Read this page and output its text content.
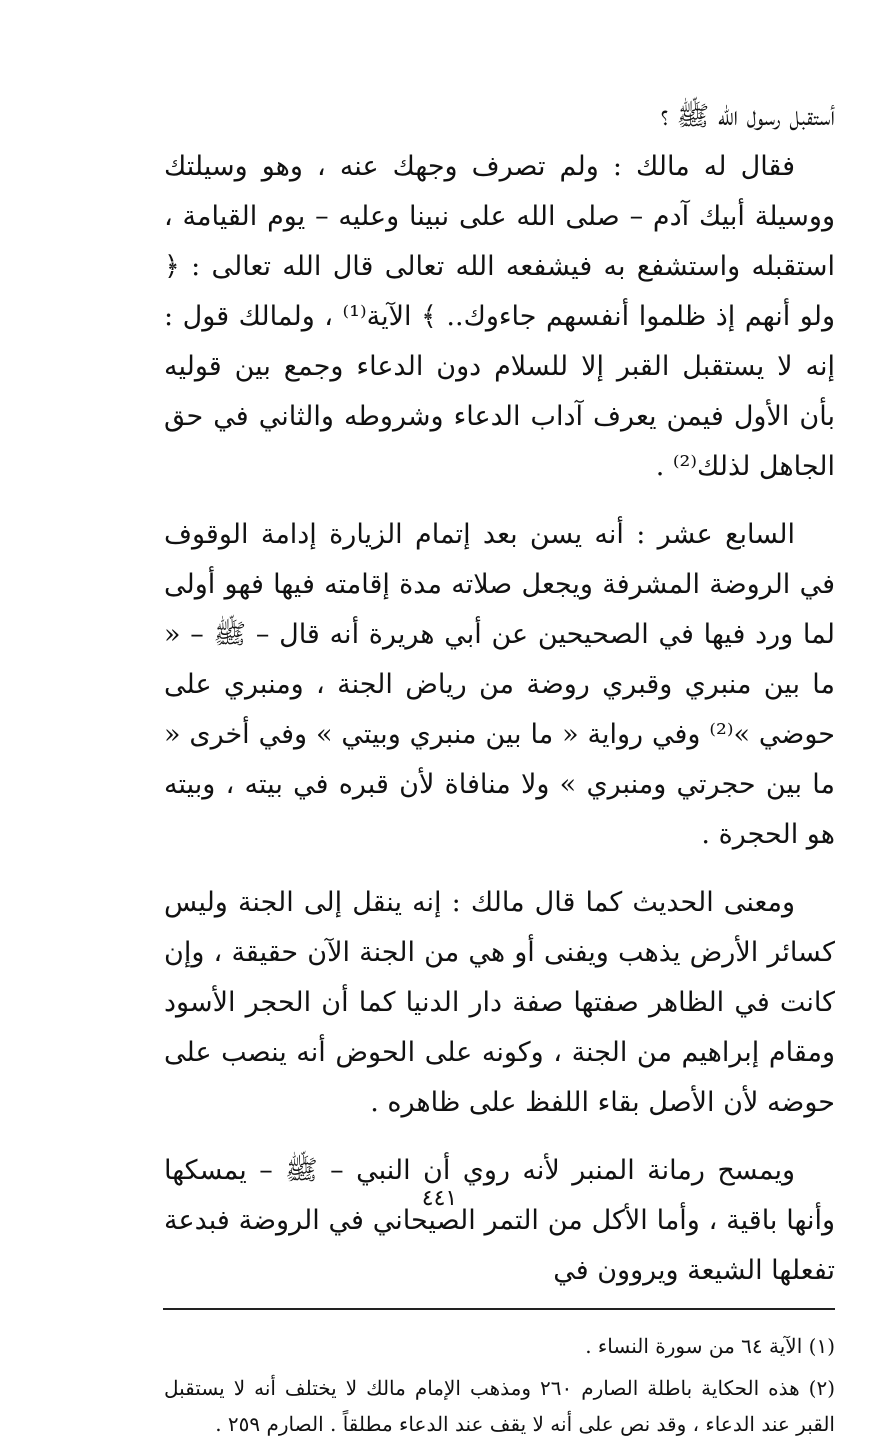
أستقبل رسول الله ﷺ ؟

فقال له مالك : ولم تصرف وجهك عنه ، وهو وسيلتك ووسيلة أبيك آدم – صلى الله على نبينا وعليه – يوم القيامة ، استقبله واستشفع به فيشفعه الله تعالى قال الله تعالى : ﴿ ولو أنهم إذ ظلموا أنفسهم جاءوك.. ﴾ الآية⁽¹⁾ ، ولمالك قول : إنه لا يستقبل القبر إلا للسلام دون الدعاء وجمع بين قوليه بأن الأول فيمن يعرف آداب الدعاء وشروطه والثاني في حق الجاهل لذلك⁽²⁾ .

السابع عشر : أنه يسن بعد إتمام الزيارة إدامة الوقوف في الروضة المشرفة ويجعل صلاته مدة إقامته فيها فهو أولى لما ورد فيها في الصحيحين عن أبي هريرة أنه قال – ﷺ – « ما بين منبري وقبري روضة من رياض الجنة ، ومنبري على حوضي »⁽²⁾ وفي رواية « ما بين منبري وبيتي » وفي أخرى « ما بين حجرتي ومنبري » ولا منافاة لأن قبره في بيته ، وبيته هو الحجرة .

ومعنى الحديث كما قال مالك : إنه ينقل إلى الجنة وليس كسائر الأرض يذهب ويفنى أو هي من الجنة الآن حقيقة ، وإن كانت في الظاهر صفتها صفة دار الدنيا كما أن الحجر الأسود ومقام إبراهيم من الجنة ، وكونه على الحوض أنه ينصب على حوضه لأن الأصل بقاء اللفظ على ظاهره .

ويمسح رمانة المنبر لأنه روي أن النبي – ﷺ – يمسكها وأنها باقية ، وأما الأكل من التمر الصيحاني في الروضة فبدعة تفعلها الشيعة ويروون في

(١) الآية ٦٤ من سورة النساء .

(٢) هذه الحكاية باطلة الصارم ٢٦٠ ومذهب الإمام مالك لا يختلف أنه لا يستقبل القبر عند الدعاء ، وقد نص على أنه لا يقف عند الدعاء مطلقاً . الصارم ٢٥٩ .

٤٤١
